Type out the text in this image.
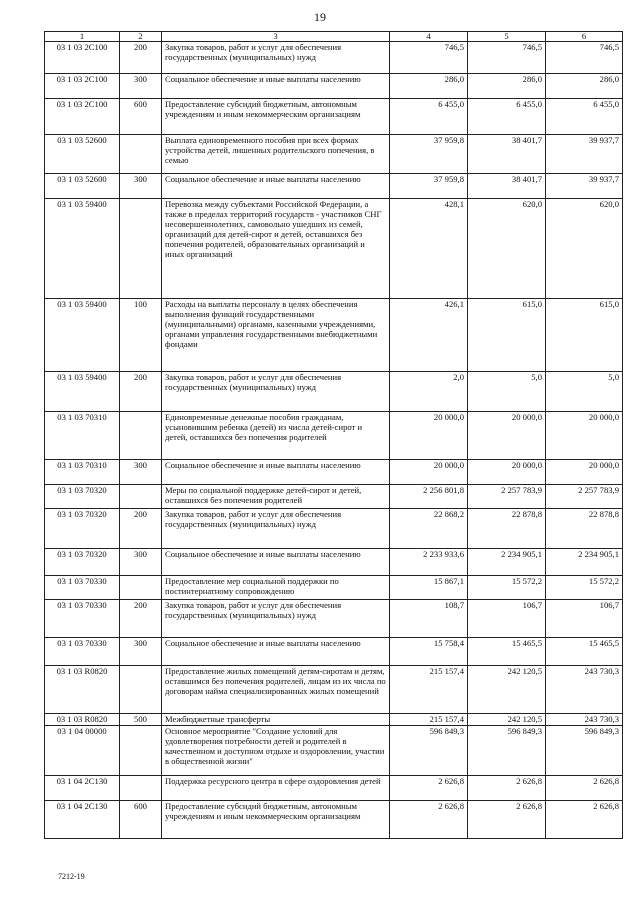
19
1	2	3	4	5	6
03 1 03 2С100	200	Закупка товаров, работ и услуг для обеспечения государственных (муниципальных) нужд	746,5	746,5	746,5
03 1 03 2С100	300	Социальное обеспечение и иные выплаты населению	286,0	286,0	286,0
03 1 03 2С100	600	Предоставление субсидий бюджетным, автономным учреждениям и иным некоммерческим организациям	6 455,0	6 455,0	6 455,0
03 1 03 52600		Выплата единовременного пособия при всех формах устройства детей, лишенных родительского попечения, в семью	37 959,8	38 401,7	39 937,7
03 1 03 52600	300	Социальное обеспечение и иные выплаты населению	37 959,8	38 401,7	39 937,7
03 1 03 59400		Перевозка между субъектами Российской Федерации, а также в пределах территорий государств - участников СНГ несовершеннолетних, самовольно ушедших из семей, организаций для детей-сирот и детей, оставшихся без попечения родителей, образовательных организаций и иных организаций	428,1	620,0	620,0
03 1 03 59400	100	Расходы на выплаты персоналу в целях обеспечения выполнения функций государственными (муниципальными) органами, казенными учреждениями, органами управления государственными внебюджетными фондами	426,1	615,0	615,0
03 1 03 59400	200	Закупка товаров, работ и услуг для обеспечения государственных (муниципальных) нужд	2,0	5,0	5,0
03 1 03 70310		Единовременные денежные пособия гражданам, усыновившим ребенка (детей) из числа детей-сирот и детей, оставшихся без попечения родителей	20 000,0	20 000,0	20 000,0
03 1 03 70310	300	Социальное обеспечение и иные выплаты населению	20 000,0	20 000,0	20 000,0
03 1 03 70320		Меры по социальной поддержке детей-сирот и детей, оставшихся без попечения родителей	2 256 801,8	2 257 783,9	2 257 783,9
03 1 03 70320	200	Закупка товаров, работ и услуг для обеспечения государственных (муниципальных) нужд	22 868,2	22 878,8	22 878,8
03 1 03 70320	300	Социальное обеспечение и иные выплаты населению	2 233 933,6	2 234 905,1	2 234 905,1
03 1 03 70330		Предоставление мер социальной поддержки по постинтернатному сопровождению	15 867,1	15 572,2	15 572,2
03 1 03 70330	200	Закупка товаров, работ и услуг для обеспечения государственных (муниципальных) нужд	108,7	106,7	106,7
03 1 03 70330	300	Социальное обеспечение и иные выплаты населению	15 758,4	15 465,5	15 465,5
03 1 03 R0820		Предоставление жилых помещений детям-сиротам и детям, оставшимся без попечения родителей, лицам из их числа по договорам найма специализированных жилых помещений	215 157,4	242 120,5	243 730,3
03 1 03 R0820	500	Межбюджетные трансферты	215 157,4	242 120,5	243 730,3
03 1 04 00000		Основное мероприятие "Создание условий для удовлетворения потребности детей и родителей в качественном и доступном отдыхе и оздоровлении, участии в общественной жизни"	596 849,3	596 849,3	596 849,3
03 1 04 2С130		Поддержка ресурсного центра в сфере оздоровления детей	2 626,8	2 626,8	2 626,8
03 1 04 2С130	600	Предоставление субсидий бюджетным, автономным учреждениям и иным некоммерческим организациям	2 626,8	2 626,8	2 626,8
7212-19
